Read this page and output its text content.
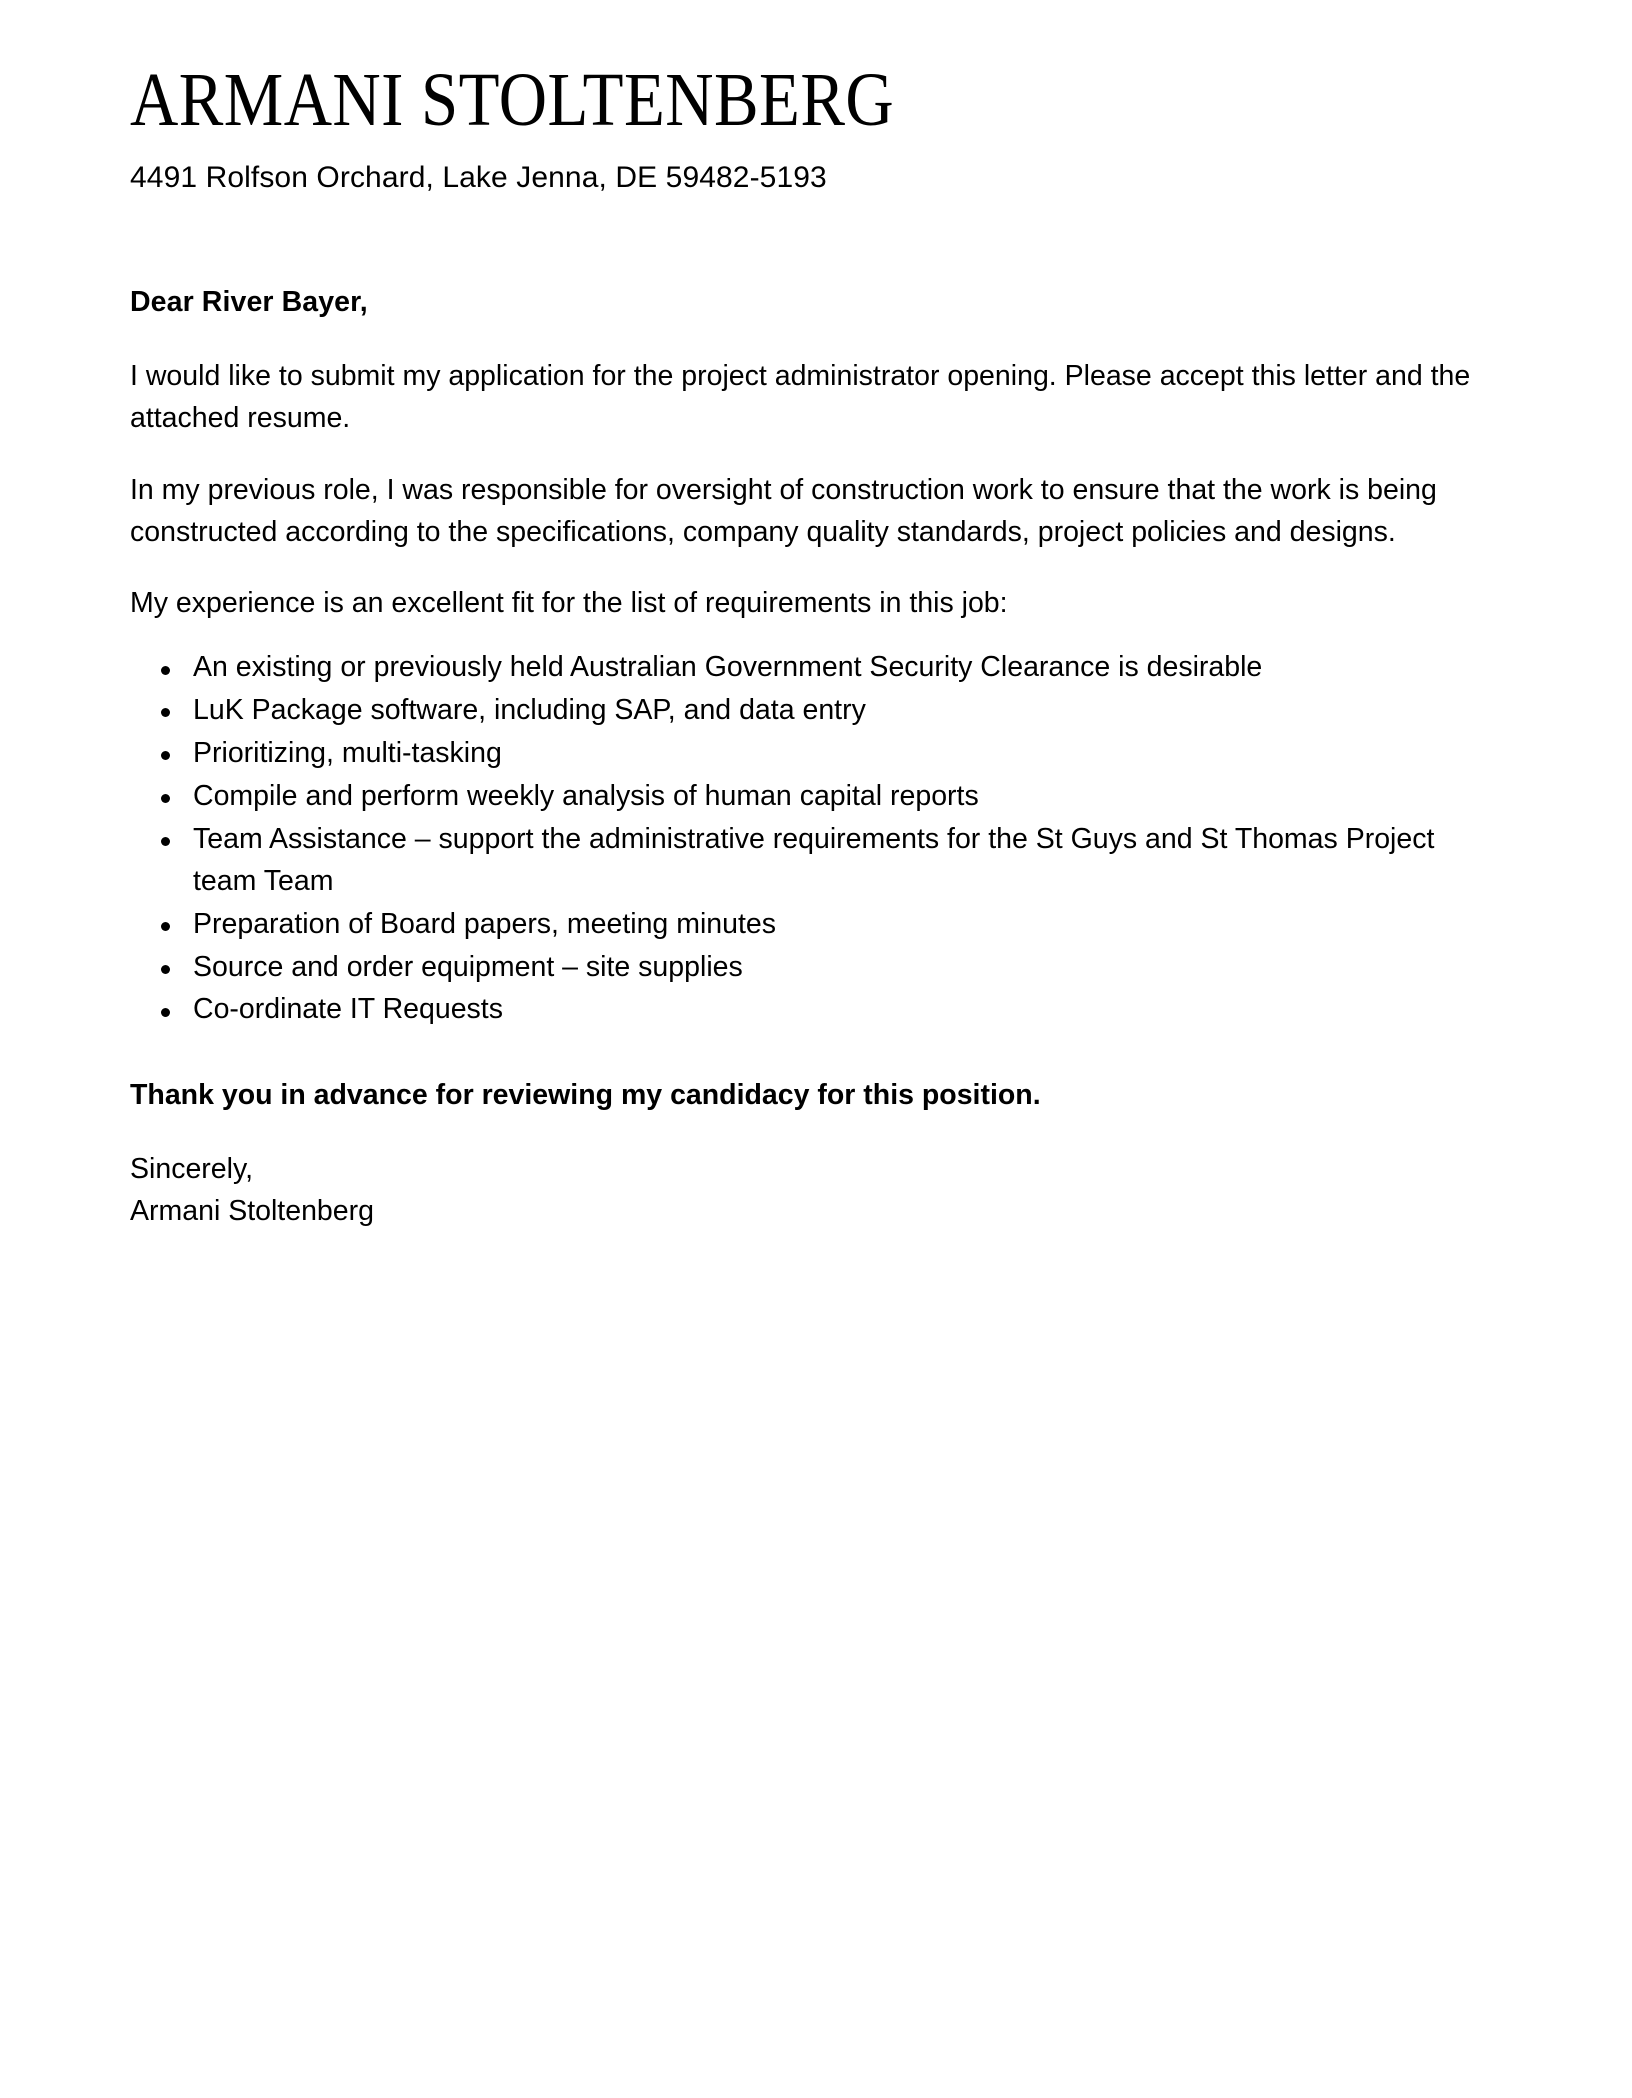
ARMANI STOLTENBERG

4491 Rolfson Orchard, Lake Jenna, DE 59482-5193

Dear River Bayer,

I would like to submit my application for the project administrator opening. Please accept this letter and the attached resume.

In my previous role, I was responsible for oversight of construction work to ensure that the work is being constructed according to the specifications, company quality standards, project policies and designs.

My experience is an excellent fit for the list of requirements in this job:

An existing or previously held Australian Government Security Clearance is desirable
LuK Package software, including SAP, and data entry
Prioritizing, multi-tasking
Compile and perform weekly analysis of human capital reports
Team Assistance – support the administrative requirements for the St Guys and St Thomas Project team Team
Preparation of Board papers, meeting minutes
Source and order equipment – site supplies
Co-ordinate IT Requests

Thank you in advance for reviewing my candidacy for this position.

Sincerely,
Armani Stoltenberg
